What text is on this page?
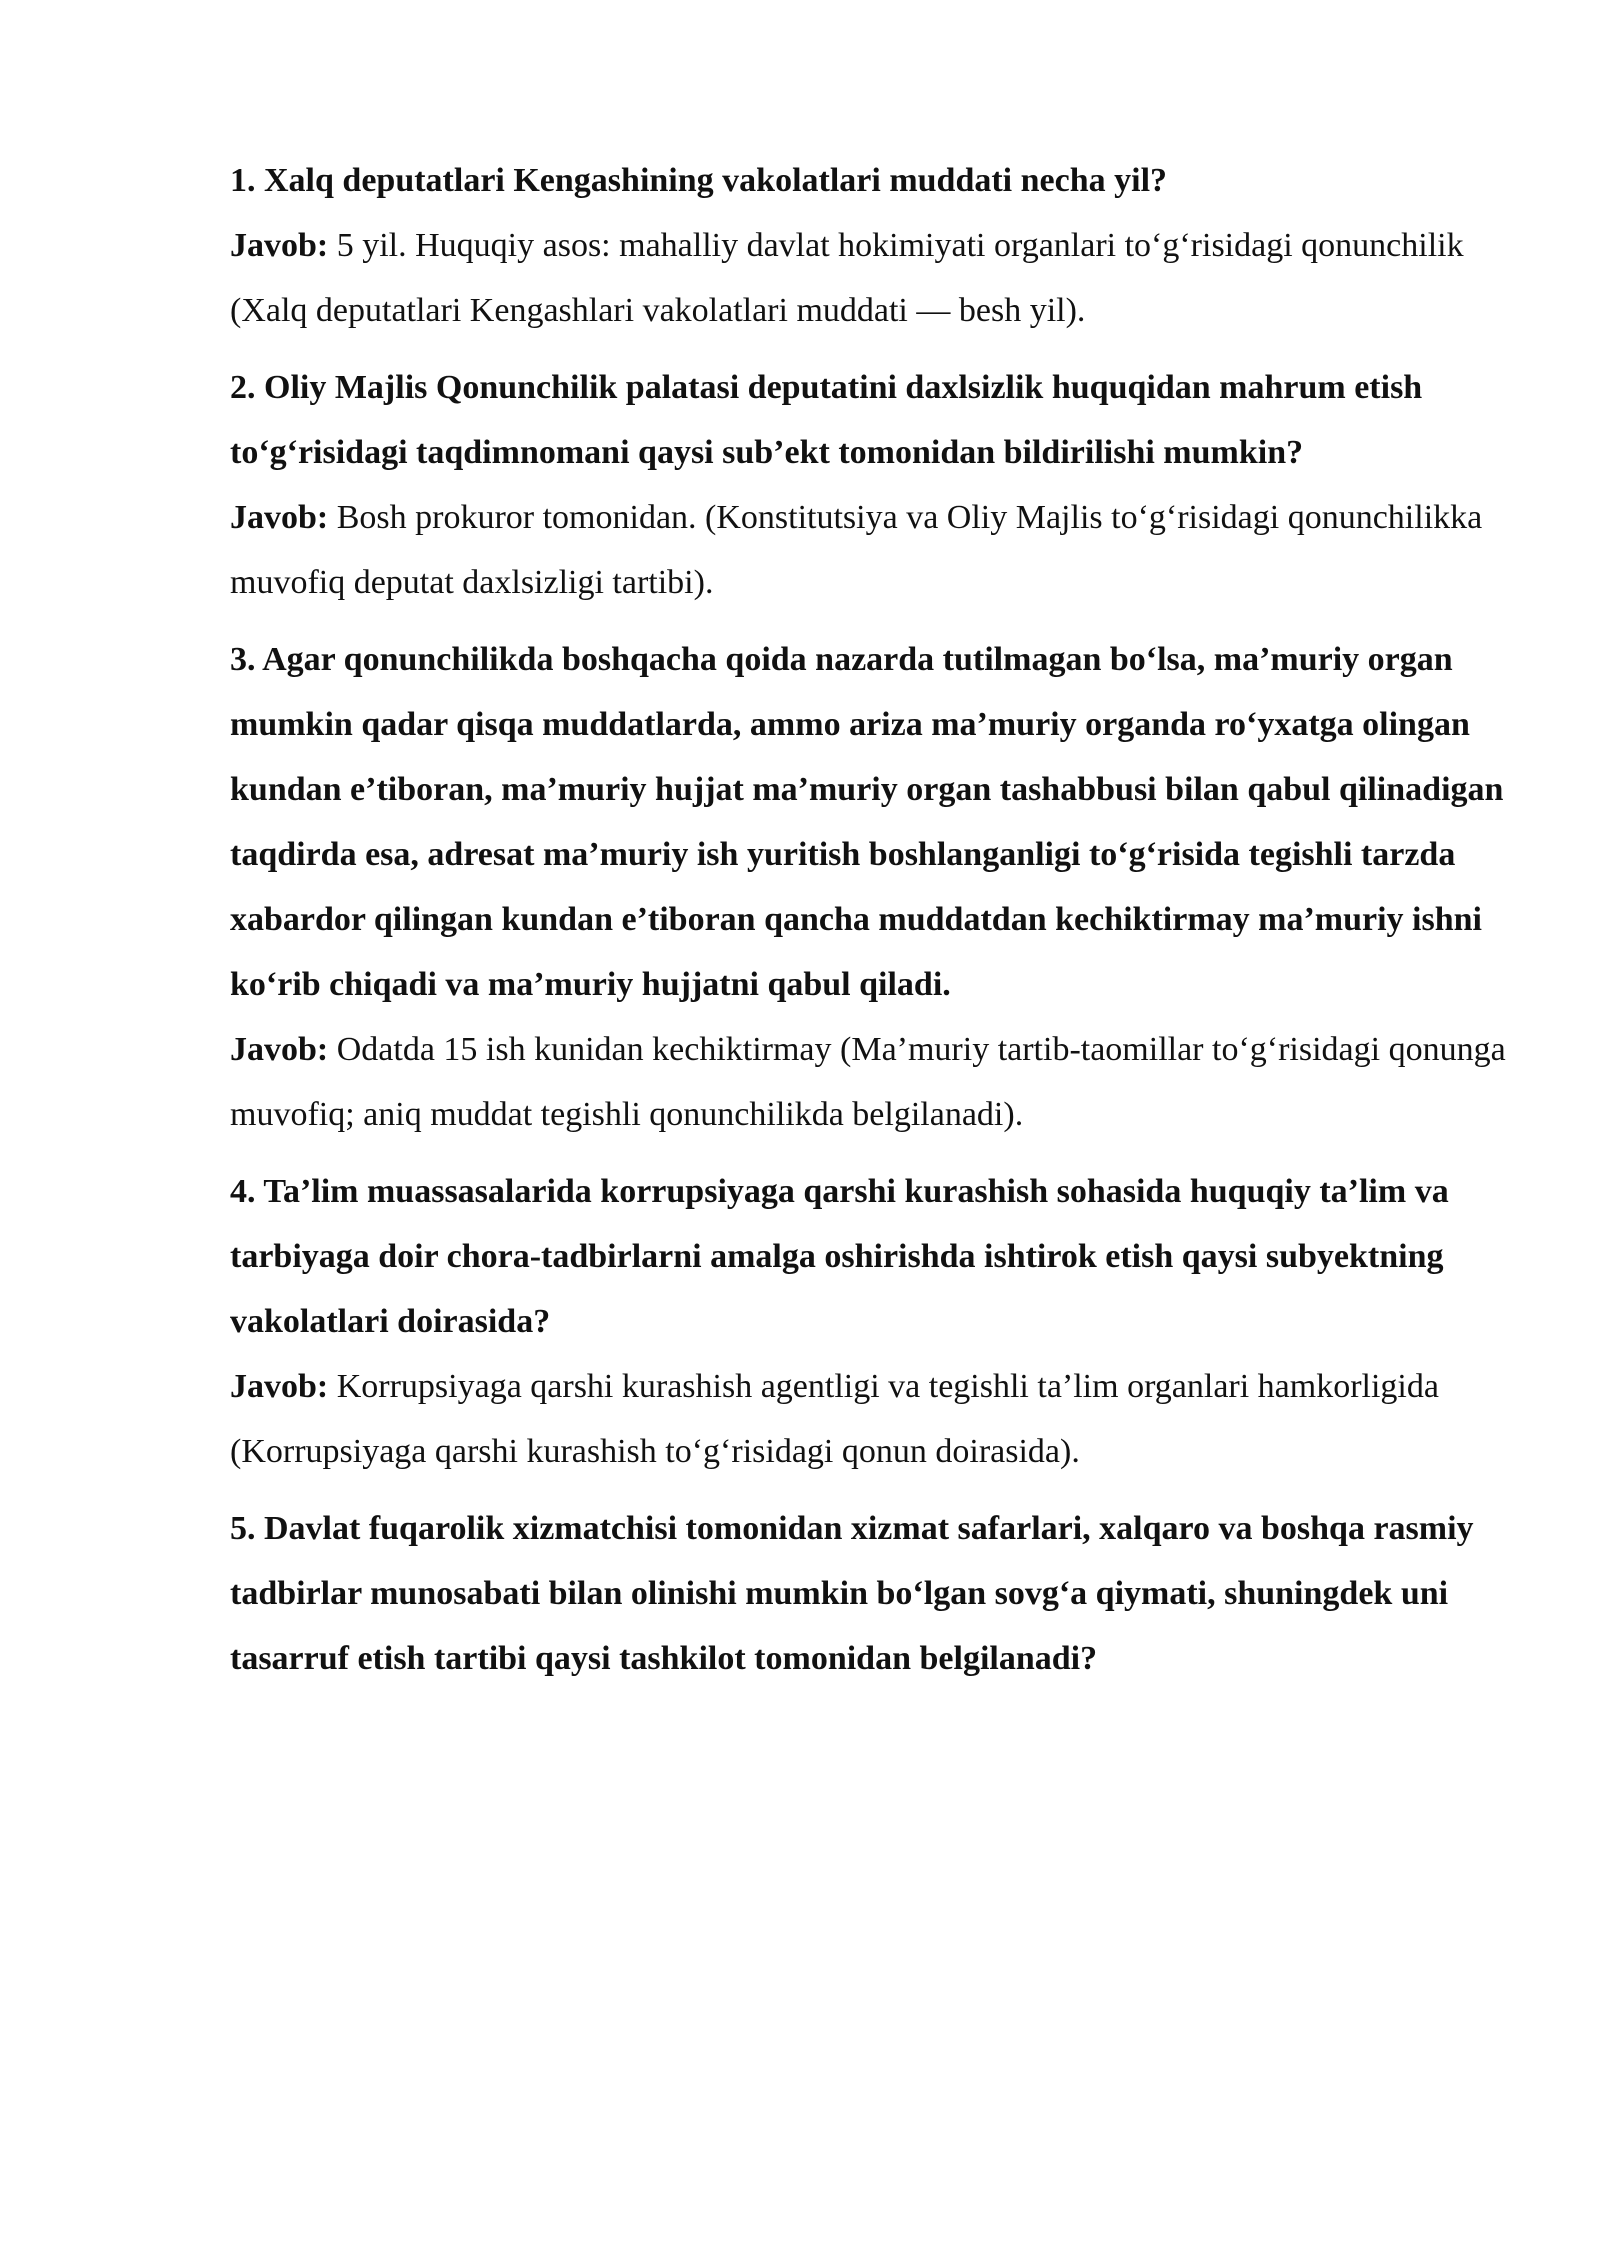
1. Xalq deputatlari Kengashining vakolatlari muddati necha yil?

Javob: 5 yil. Huquqiy asos: mahalliy davlat hokimiyati organlari to‘g‘risidagi qonunchilik (Xalq deputatlari Kengashlari vakolatlari muddati — besh yil).

2. Oliy Majlis Qonunchilik palatasi deputatini daxlsizlik huquqidan mahrum etish to‘g‘risidagi taqdimnomani qaysi sub’ekt tomonidan bildirilishi mumkin?

Javob: Bosh prokuror tomonidan. (Konstitutsiya va Oliy Majlis to‘g‘risidagi qonunchilikka muvofiq deputat daxlsizligi tartibi).

3. Agar qonunchilikda boshqacha qoida nazarda tutilmagan bo‘lsa, ma’muriy organ mumkin qadar qisqa muddatlarda, ammo ariza ma’muriy organda ro‘yxatga olingan kundan e’tiboran, ma’muriy hujjat ma’muriy organ tashabbusi bilan qabul qilinadigan taqdirda esa, adresat ma’muriy ish yuritish boshlanganligi to‘g‘risida tegishli tarzda xabardor qilingan kundan e’tiboran qancha muddatdan kechiktirmay ma’muriy ishni ko‘rib chiqadi va ma’muriy hujjatni qabul qiladi.

Javob: Odatda 15 ish kunidan kechiktirmay (Ma’muriy tartib-taomillar to‘g‘risidagi qonunga muvofiq; aniq muddat tegishli qonunchilikda belgilanadi).

4. Ta’lim muassasalarida korrupsiyaga qarshi kurashish sohasida huquqiy ta’lim va tarbiyaga doir chora-tadbirlarni amalga oshirishda ishtirok etish qaysi subyektning vakolatlari doirasida?

Javob: Korrupsiyaga qarshi kurashish agentligi va tegishli ta’lim organlari hamkorligida (Korrupsiyaga qarshi kurashish to‘g‘risidagi qonun doirasida).

5. Davlat fuqarolik xizmatchisi tomonidan xizmat safarlari, xalqaro va boshqa rasmiy tadbirlar munosabati bilan olinishi mumkin bo‘lgan sovg‘a qiymati, shuningdek uni tasarruf etish tartibi qaysi tashkilot tomonidan belgilanadi?
